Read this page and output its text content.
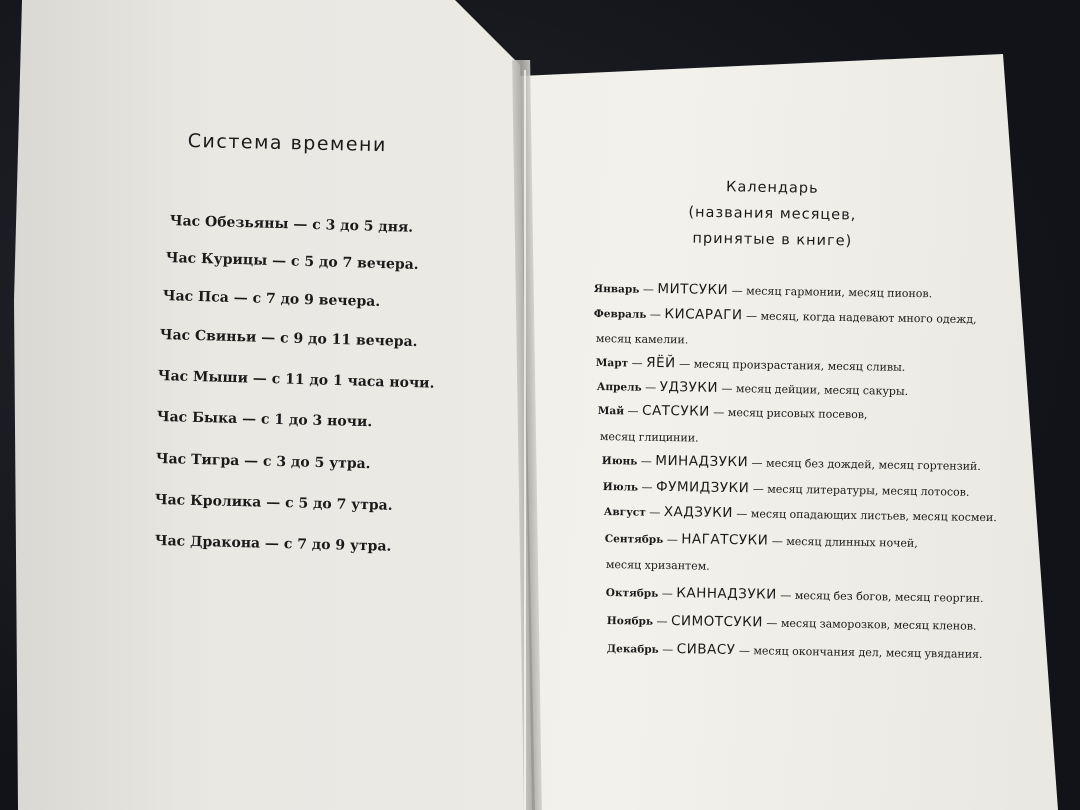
Система времени
Час Обезьяны — с 3 до 5 дня.
Час Курицы — с 5 до 7 вечера.
Час Пса — с 7 до 9 вечера.
Час Свиньи — с 9 до 11 вечера.
Час Мыши — с 11 до 1 часа ночи.
Час Быка — с 1 до 3 ночи.
Час Тигра — с 3 до 5 утра.
Час Кролика — с 5 до 7 утра.
Час Дракона — с 7 до 9 утра.
Календарь
(названия месяцев,
принятые в книге)
Январь — МИТСУКИ — месяц гармонии, месяц пионов.
Февраль — КИСАРАГИ — месяц, когда надевают много одежд,
месяц камелии.
Март — ЯЁЙ — месяц произрастания, месяц сливы.
Апрель — УДЗУКИ — месяц дейции, месяц сакуры.
Май — САТСУКИ — месяц рисовых посевов,
месяц глицинии.
Июнь — МИНАДЗУКИ — месяц без дождей, месяц гортензий.
Июль — ФУМИДЗУКИ — месяц литературы, месяц лотосов.
Август — ХАДЗУКИ — месяц опадающих листьев, месяц космеи.
Сентябрь — НАГАТСУКИ — месяц длинных ночей,
месяц хризантем.
Октябрь — КАННАДЗУКИ — месяц без богов, месяц георгин.
Ноябрь — СИМОТСУКИ — месяц заморозков, месяц кленов.
Декабрь — СИВАСУ — месяц окончания дел, месяц увядания.
